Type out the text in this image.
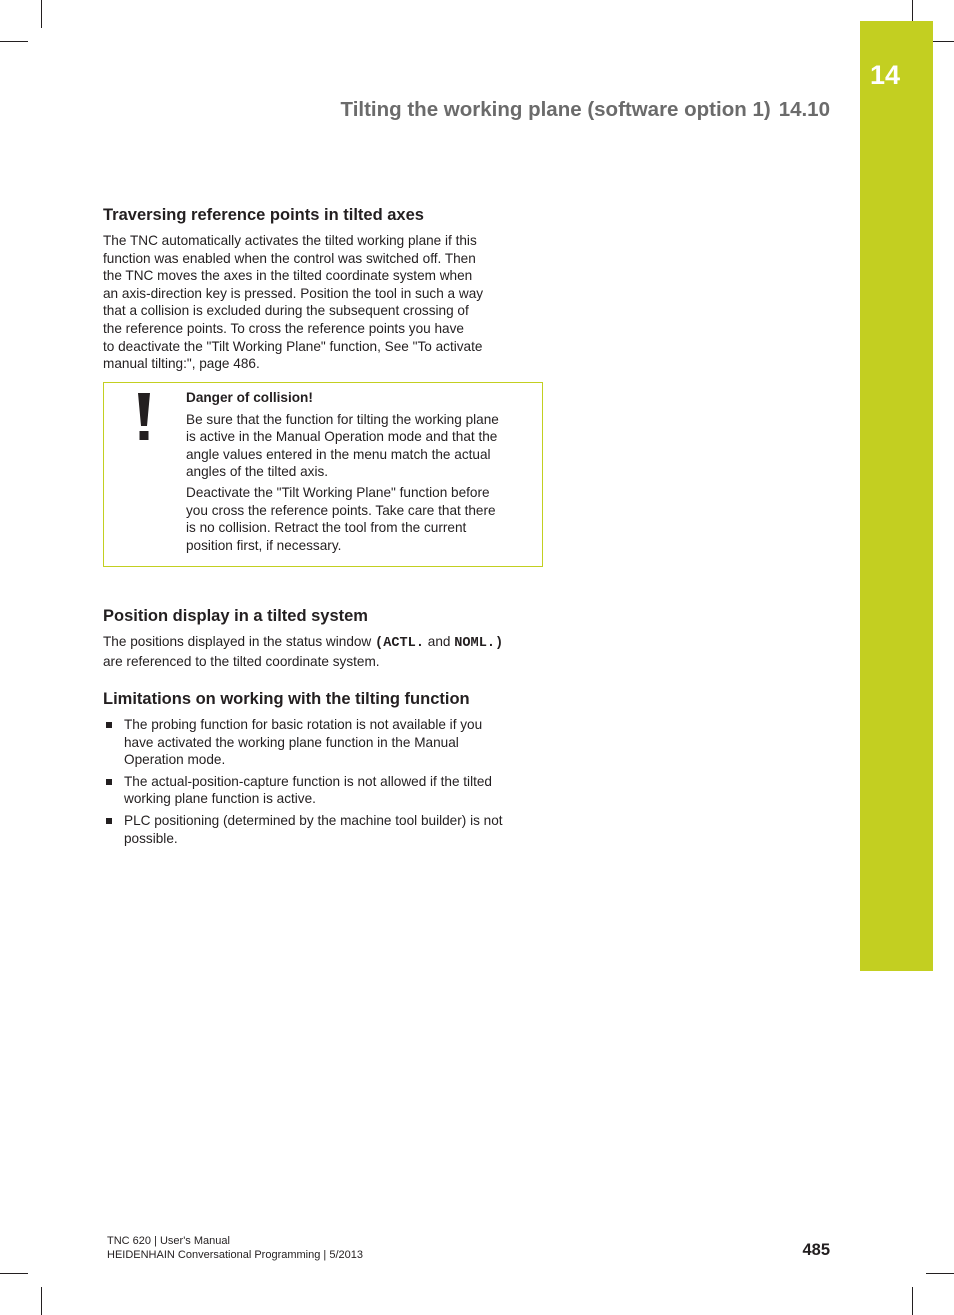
14
Tilting the working plane (software option 1) 14.10
Traversing reference points in tilted axes
The TNC automatically activates the tilted working plane if this
function was enabled when the control was switched off. Then
the TNC moves the axes in the tilted coordinate system when
an axis-direction key is pressed. Position the tool in such a way
that a collision is excluded during the subsequent crossing of
the reference points. To cross the reference points you have
to deactivate the "Tilt Working Plane" function, See "To activate
manual tilting:", page 486.
Danger of collision!
Be sure that the function for tilting the working plane
is active in the Manual Operation mode and that the
angle values entered in the menu match the actual
angles of the tilted axis.
Deactivate the "Tilt Working Plane" function before
you cross the reference points. Take care that there
is no collision. Retract the tool from the current
position first, if necessary.
Position display in a tilted system
The positions displayed in the status window (ACTL. and NOML.)
are referenced to the tilted coordinate system.
Limitations on working with the tilting function
The probing function for basic rotation is not available if you
have activated the working plane function in the Manual
Operation mode.
The actual-position-capture function is not allowed if the tilted
working plane function is active.
PLC positioning (determined by the machine tool builder) is not
possible.
TNC 620 | User's Manual
HEIDENHAIN Conversational Programming | 5/2013	485
